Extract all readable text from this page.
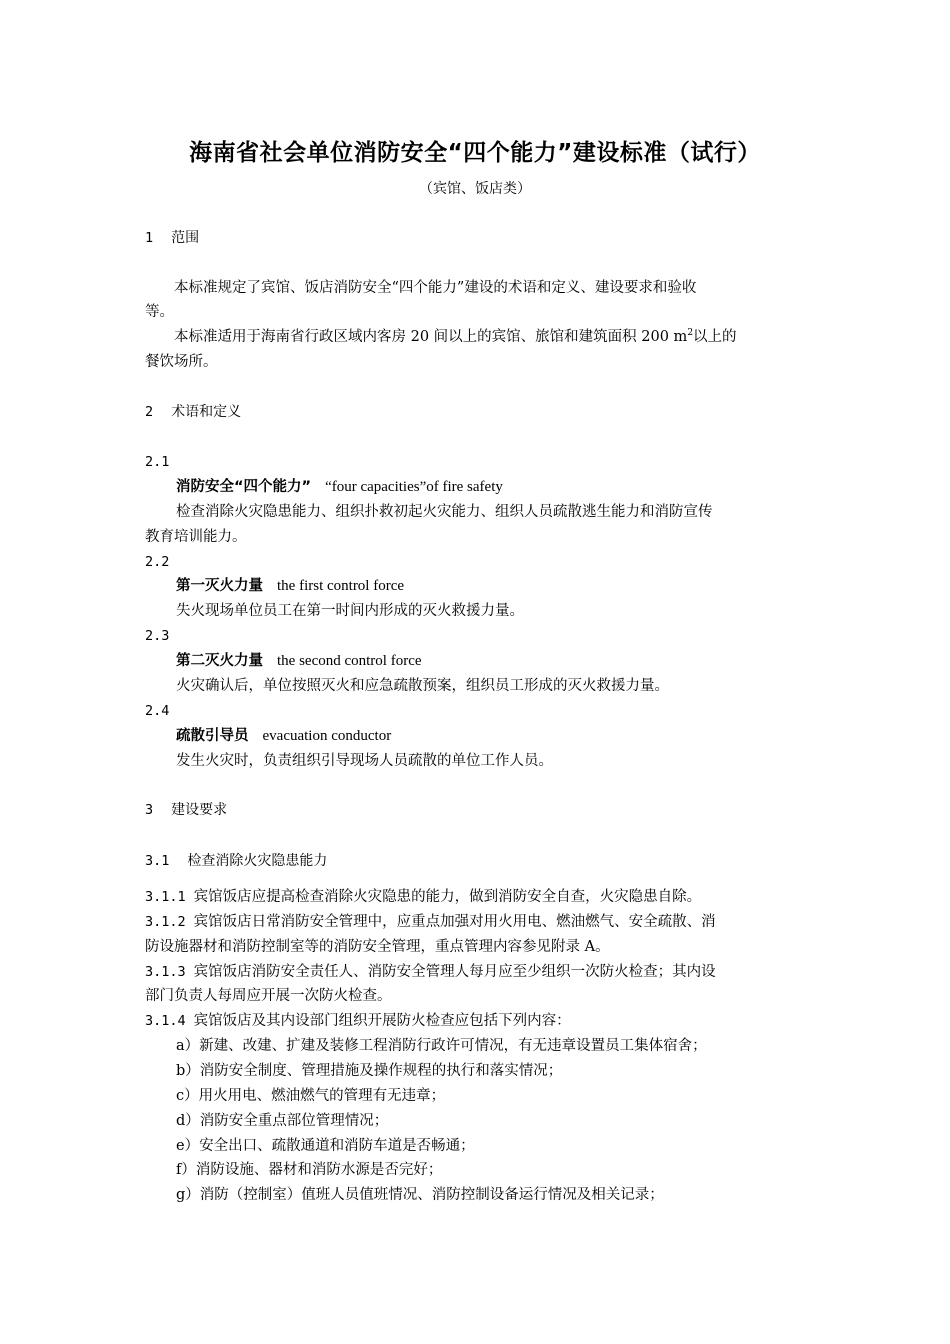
海南省社会单位消防安全“四个能力”建设标准（试行）
（宾馆、饭店类）
1 范围
本标准规定了宾馆、饭店消防安全“四个能力”建设的术语和定义、建设要求和验收
等。
本标准适用于海南省行政区域内客房 20 间以上的宾馆、旅馆和建筑面积 200 $m^2$以上的
餐饮场所。
2 术语和定义
2.1
消防安全“四个能力” “four capacities”of fire safety
检查消除火灾隐患能力、组织扑救初起火灾能力、组织人员疏散逃生能力和消防宣传
教育培训能力。
2.2
第一灭火力量 the first control force
失火现场单位员工在第一时间内形成的灭火救援力量。
2.3
第二灭火力量 the second control force
火灾确认后，单位按照灭火和应急疏散预案，组织员工形成的灭火救援力量。
2.4
疏散引导员 evacuation conductor
发生火灾时，负责组织引导现场人员疏散的单位工作人员。
3 建设要求
3.1 检查消除火灾隐患能力
3.1.1 宾馆饭店应提高检查消除火灾隐患的能力，做到消防安全自查，火灾隐患自除。
3.1.2 宾馆饭店日常消防安全管理中，应重点加强对用火用电、燃油燃气、安全疏散、消
防设施器材和消防控制室等的消防安全管理，重点管理内容参见附录 A。
3.1.3 宾馆饭店消防安全责任人、消防安全管理人每月应至少组织一次防火检查；其内设
部门负责人每周应开展一次防火检查。
3.1.4 宾馆饭店及其内设部门组织开展防火检查应包括下列内容：
a）新建、改建、扩建及装修工程消防行政许可情况，有无违章设置员工集体宿舍；
b）消防安全制度、管理措施及操作规程的执行和落实情况；
c）用火用电、燃油燃气的管理有无违章；
d）消防安全重点部位管理情况；
e）安全出口、疏散通道和消防车道是否畅通；
f）消防设施、器材和消防水源是否完好；
g）消防（控制室）值班人员值班情况、消防控制设备运行情况及相关记录；
